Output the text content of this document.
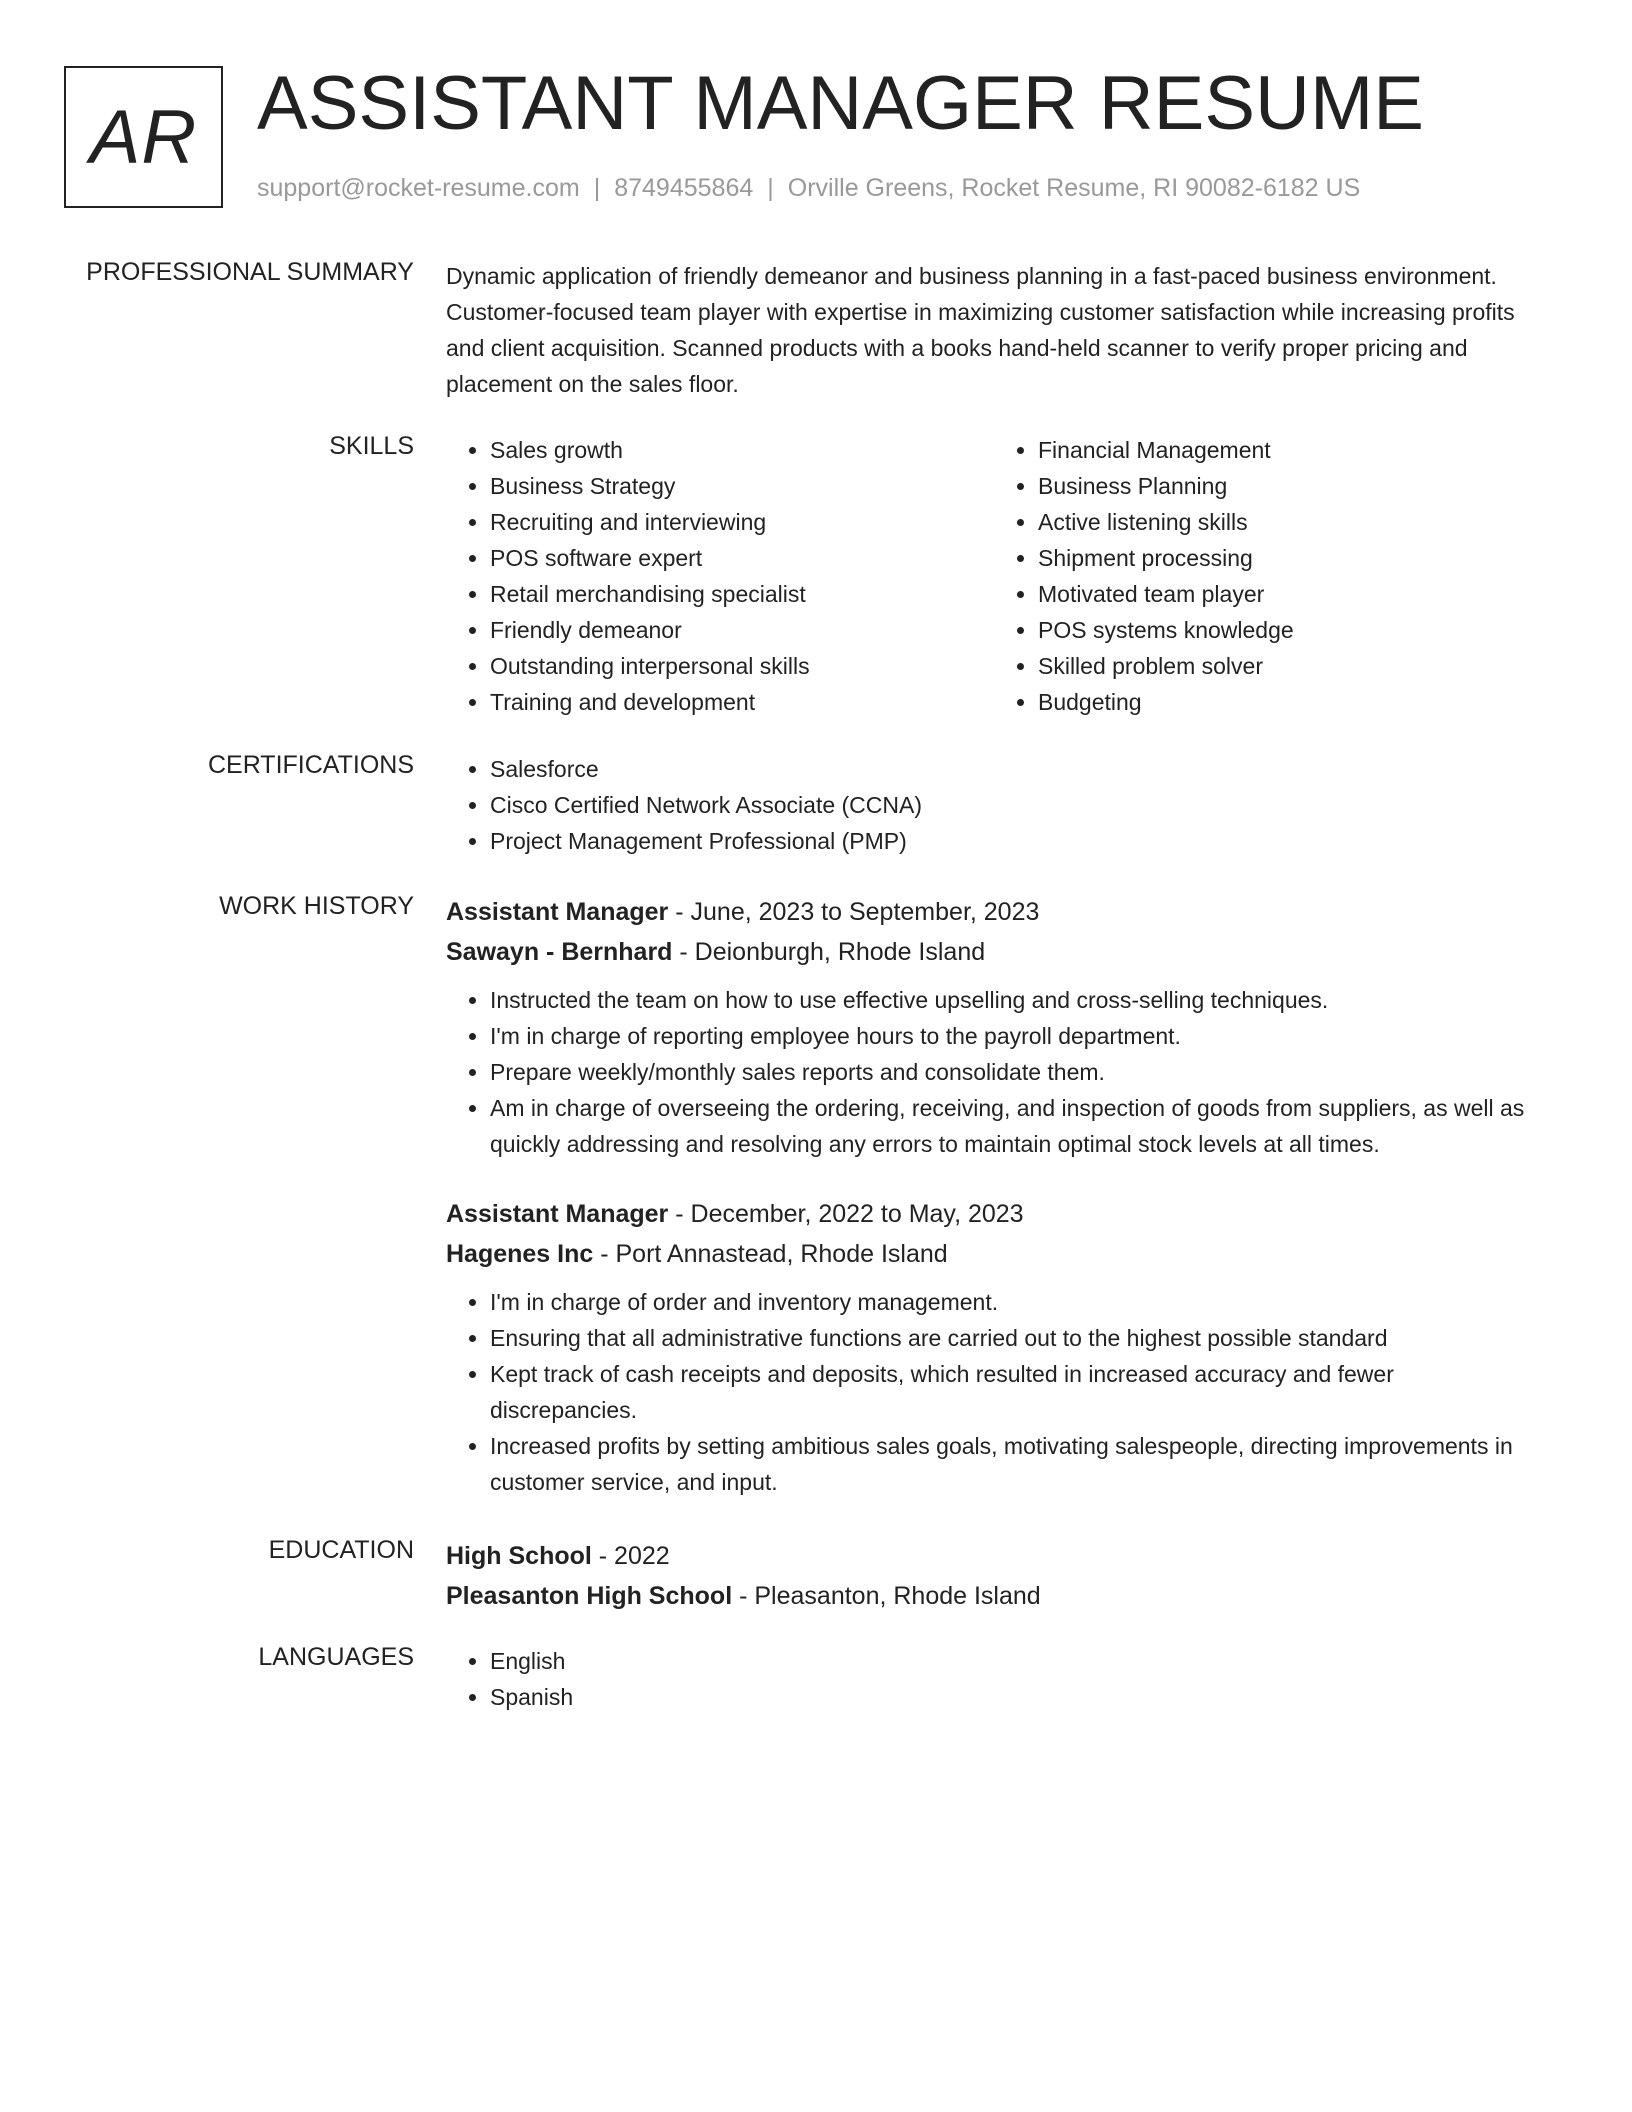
AR ASSISTANT MANAGER RESUME
support@rocket-resume.com | 8749455864 | Orville Greens, Rocket Resume, RI 90082-6182 US
PROFESSIONAL SUMMARY Dynamic application of friendly demeanor and business planning in a fast-paced business environment. Customer-focused team player with expertise in maximizing customer satisfaction while increasing profits and client acquisition. Scanned products with a books hand-held scanner to verify proper pricing and placement on the sales floor.
SKILLS	• Sales growth
• Business Strategy
• Recruiting and interviewing
• POS software expert
• Retail merchandising specialist
• Friendly demeanor
• Outstanding interpersonal skills
• Training and development
• Financial Management
• Business Planning
• Active listening skills
• Shipment processing
• Motivated team player
• POS systems knowledge
• Skilled problem solver
• Budgeting
CERTIFICATIONS	• Salesforce
• Cisco Certified Network Associate (CCNA)
• Project Management Professional (PMP)
WORK HISTORY Assistant Manager - June, 2023 to September, 2023
Sawayn - Bernhard - Deionburgh, Rhode Island
• Instructed the team on how to use effective upselling and cross-selling techniques.
• I'm in charge of reporting employee hours to the payroll department.
• Prepare weekly/monthly sales reports and consolidate them.
• Am in charge of overseeing the ordering, receiving, and inspection of goods from suppliers, as well as quickly addressing and resolving any errors to maintain optimal stock levels at all times.
Assistant Manager - December, 2022 to May, 2023
Hagenes Inc - Port Annastead, Rhode Island
• I'm in charge of order and inventory management.
• Ensuring that all administrative functions are carried out to the highest possible standard
• Kept track of cash receipts and deposits, which resulted in increased accuracy and fewer discrepancies.
• Increased profits by setting ambitious sales goals, motivating salespeople, directing improvements in customer service, and input.
EDUCATION High School - 2022
Pleasanton High School - Pleasanton, Rhode Island
LANGUAGES	• English
• Spanish
